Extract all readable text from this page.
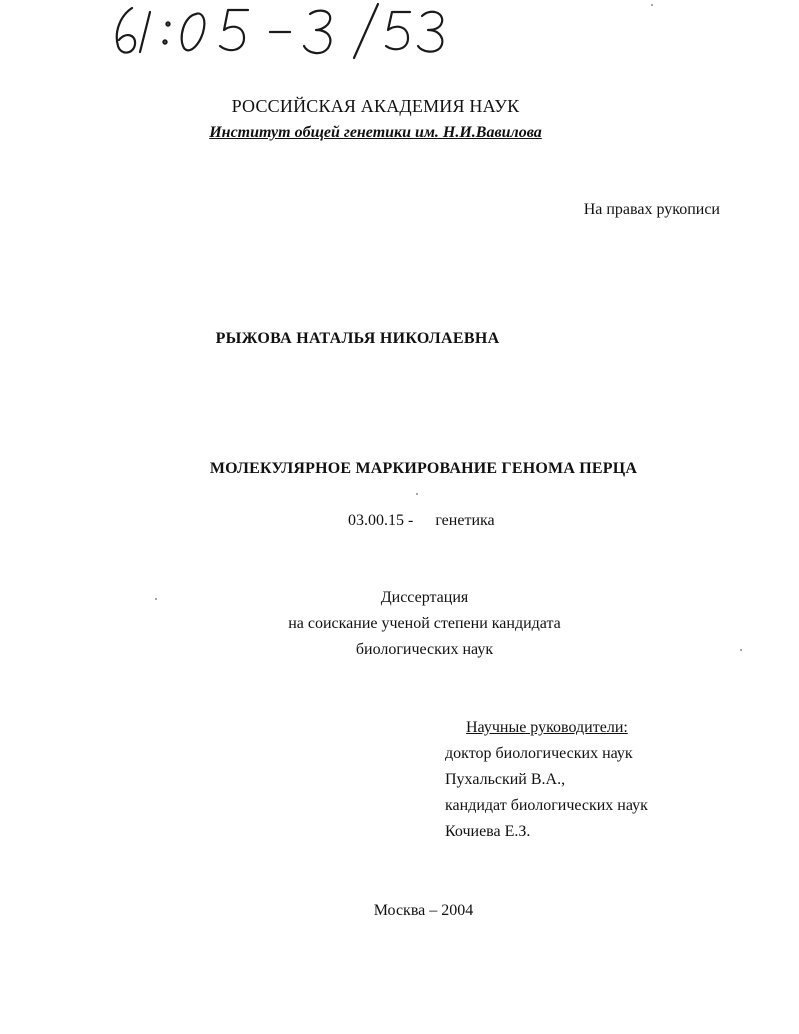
РОССИЙСКАЯ АКАДЕМИЯ НАУК
Институт общей генетики им. Н.И.Вавилова
На правах рукописи
РЫЖОВА НАТАЛЬЯ НИКОЛАЕВНА
МОЛЕКУЛЯРНОЕ МАРКИРОВАНИЕ ГЕНОМА ПЕРЦА
03.00.15 - генетика
Диссертация
на соискание ученой степени кандидата
биологических наук
Научные руководители:
доктор биологических наук
Пухальский В.А.,
кандидат биологических наук
Кочиева Е.З.
Москва – 2004
